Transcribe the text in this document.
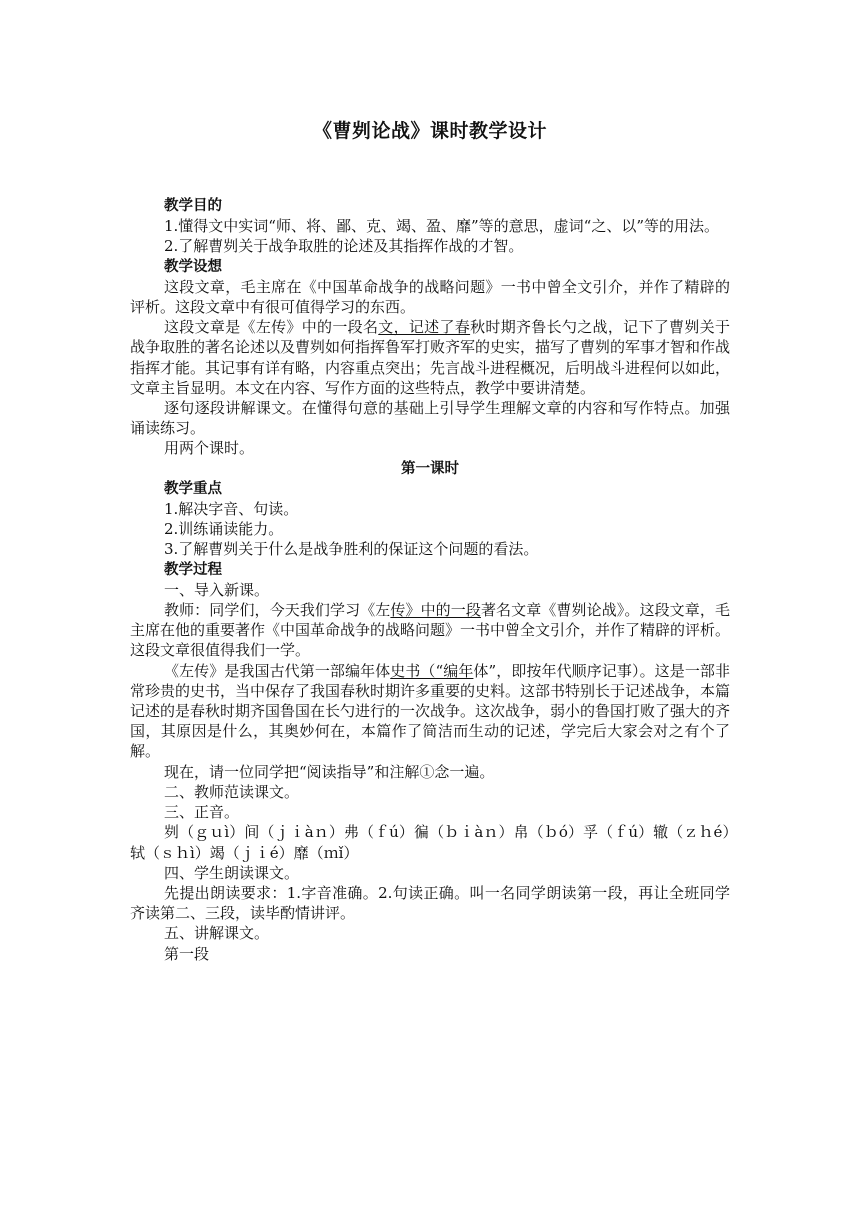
《曹刿论战》课时教学设计

教学目的

1.懂得文中实词“师、将、鄙、克、竭、盈、靡”等的意思，虚词“之、以”等的用法。

2.了解曹刿关于战争取胜的论述及其指挥作战的才智。

教学设想

这段文章，毛主席在《中国革命战争的战略问题》一书中曾全文引介，并作了精辟的评析。这段文章中有很可值得学习的东西。

这段文章是《左传》中的一段名文，记述了春秋时期齐鲁长勺之战，记下了曹刿关于战争取胜的著名论述以及曹刿如何指挥鲁军打败齐军的史实，描写了曹刿的军事才智和作战指挥才能。其记事有详有略，内容重点突出；先言战斗进程概况，后明战斗进程何以如此，文章主旨显明。本文在内容、写作方面的这些特点，教学中要讲清楚。

逐句逐段讲解课文。在懂得句意的基础上引导学生理解文章的内容和写作特点。加强诵读练习。

用两个课时。

第一课时

教学重点

1.解决字音、句读。

2.训练诵读能力。

3.了解曹刿关于什么是战争胜利的保证这个问题的看法。

教学过程

一、导入新课。

教师：同学们，今天我们学习《左传》中的一段著名文章《曹刿论战》。这段文章，毛主席在他的重要著作《中国革命战争的战略问题》一书中曾全文引介，并作了精辟的评析。这段文章很值得我们一学。

《左传》是我国古代第一部编年体史书（“编年体”，即按年代顺序记事）。这是一部非常珍贵的史书，当中保存了我国春秋时期许多重要的史料。这部书特别长于记述战争，本篇记述的是春秋时期齐国鲁国在长勺进行的一次战争。这次战争，弱小的鲁国打败了强大的齐国，其原因是什么，其奥妙何在，本篇作了简洁而生动的记述，学完后大家会对之有个了解。

现在，请一位同学把“阅读指导”和注解①念一遍。

二、教师范读课文。

三、正音。

刿（ｇｕì）间（ｊｉàｎ）弗（ｆú）徧（ｂｉàｎ）帛（ｂó）孚（ｆú）辙（ｚｈé）轼（ｓｈì）竭（ｊｉé）靡（ｍǐ）

四、学生朗读课文。

先提出朗读要求：1.字音准确。2.句读正确。叫一名同学朗读第一段，再让全班同学齐读第二、三段，读毕酌情讲评。

五、讲解课文。

第一段
